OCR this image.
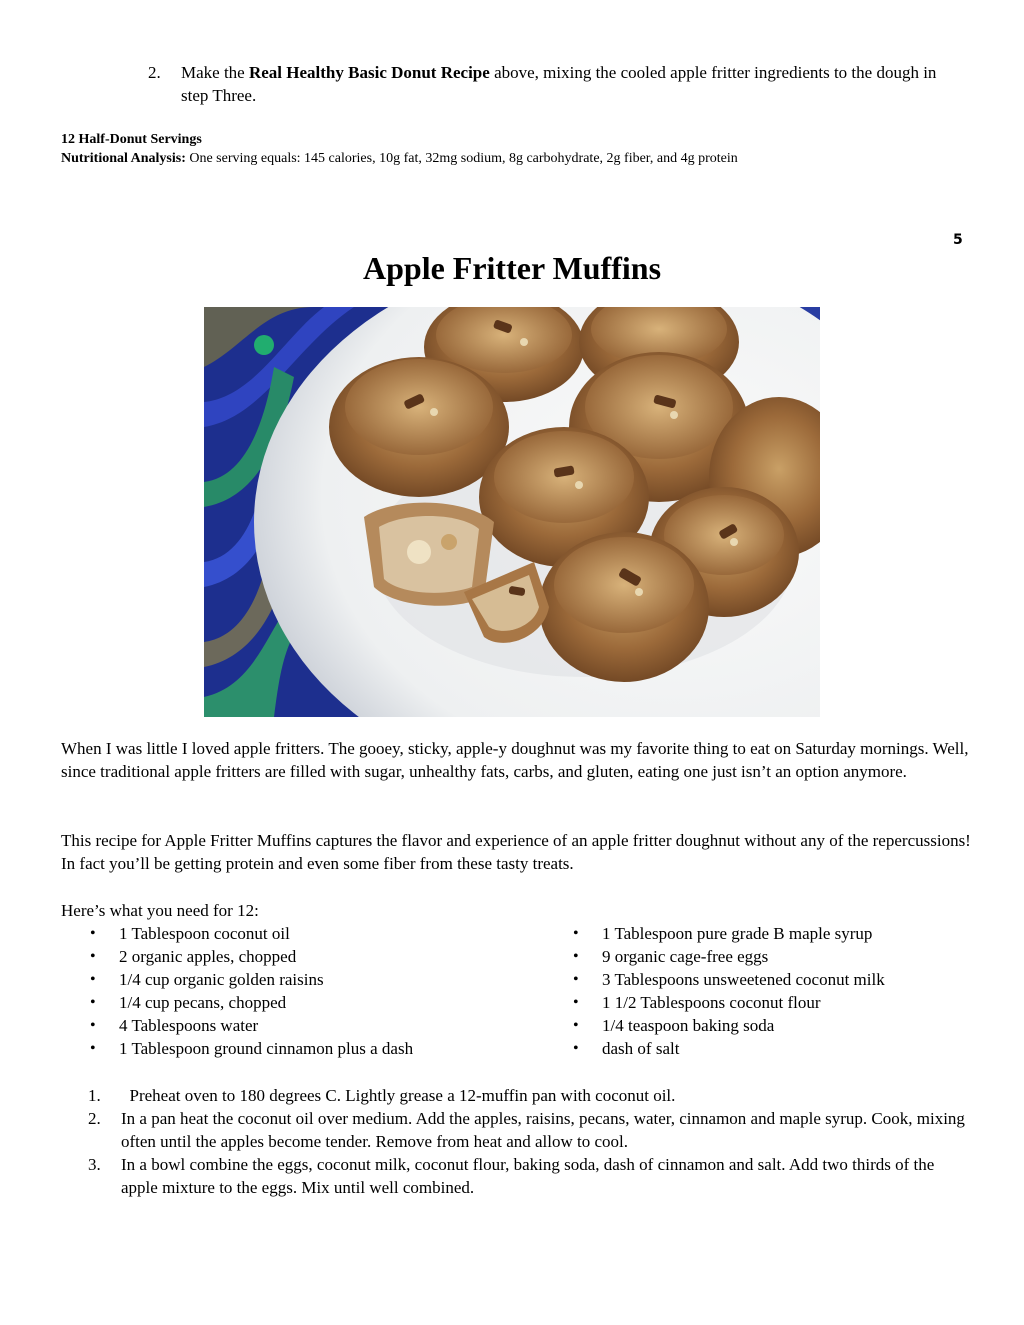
2. Make the Real Healthy Basic Donut Recipe above, mixing the cooled apple fritter ingredients to the dough in step Three.
12 Half-Donut Servings
Nutritional Analysis: One serving equals: 145 calories, 10g fat, 32mg sodium, 8g carbohydrate, 2g fiber, and 4g protein
5
Apple Fritter Muffins
When I was little I loved apple fritters. The gooey, sticky, apple-y doughnut was my favorite thing to eat on Saturday mornings. Well, since traditional apple fritters are filled with sugar, unhealthy fats, carbs, and gluten, eating one just isn’t an option anymore.
This recipe for Apple Fritter Muffins captures the flavor and experience of an apple fritter doughnut without any of the repercussions! In fact you’ll be getting protein and even some fiber from these tasty treats.
Here’s what you need for 12:
• 1 Tablespoon coconut oil
• 2 organic apples, chopped
• 1/4 cup organic golden raisins
• 1/4 cup pecans, chopped
• 4 Tablespoons water
• 1 Tablespoon ground cinnamon plus a dash
• 1 Tablespoon pure grade B maple syrup
• 9 organic cage-free eggs
• 3 Tablespoons unsweetened coconut milk
• 1 1/2 Tablespoons coconut flour
• 1/4 teaspoon baking soda
• dash of salt
1. Preheat oven to 180 degrees C. Lightly grease a 12-muffin pan with coconut oil.
2. In a pan heat the coconut oil over medium. Add the apples, raisins, pecans, water, cinnamon and maple syrup. Cook, mixing often until the apples become tender. Remove from heat and allow to cool.
3. In a bowl combine the eggs, coconut milk, coconut flour, baking soda, dash of cinnamon and salt. Add two thirds of the apple mixture to the eggs. Mix until well combined.
